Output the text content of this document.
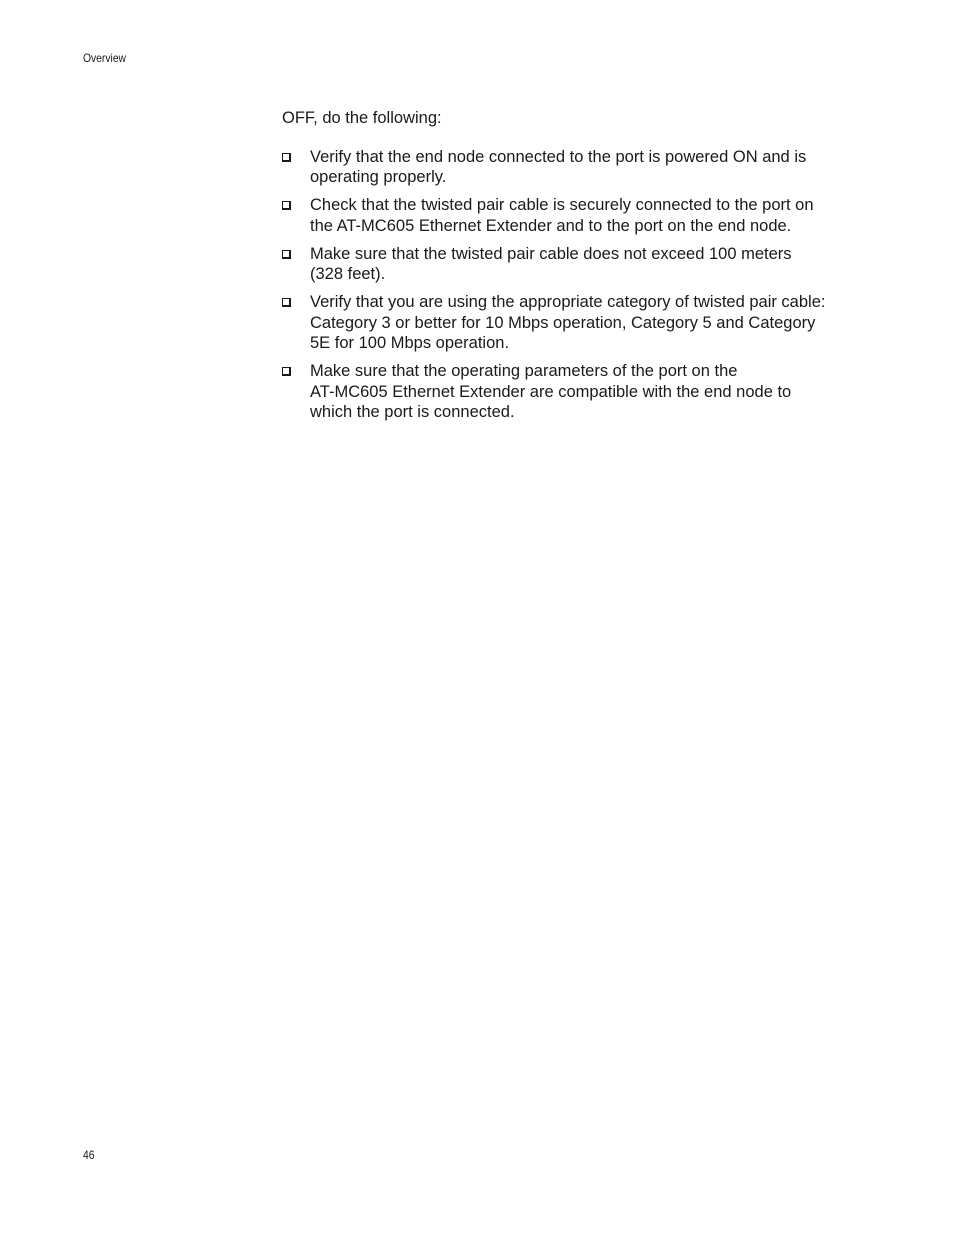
Overview

OFF, do the following:

Verify that the end node connected to the port is powered ON and is
operating properly.
Check that the twisted pair cable is securely connected to the port on
the AT-MC605 Ethernet Extender and to the port on the end node.
Make sure that the twisted pair cable does not exceed 100 meters
(328 feet).
Verify that you are using the appropriate category of twisted pair cable:
Category 3 or better for 10 Mbps operation, Category 5 and Category
5E for 100 Mbps operation.
Make sure that the operating parameters of the port on the
AT-MC605 Ethernet Extender are compatible with the end node to
which the port is connected.
46
